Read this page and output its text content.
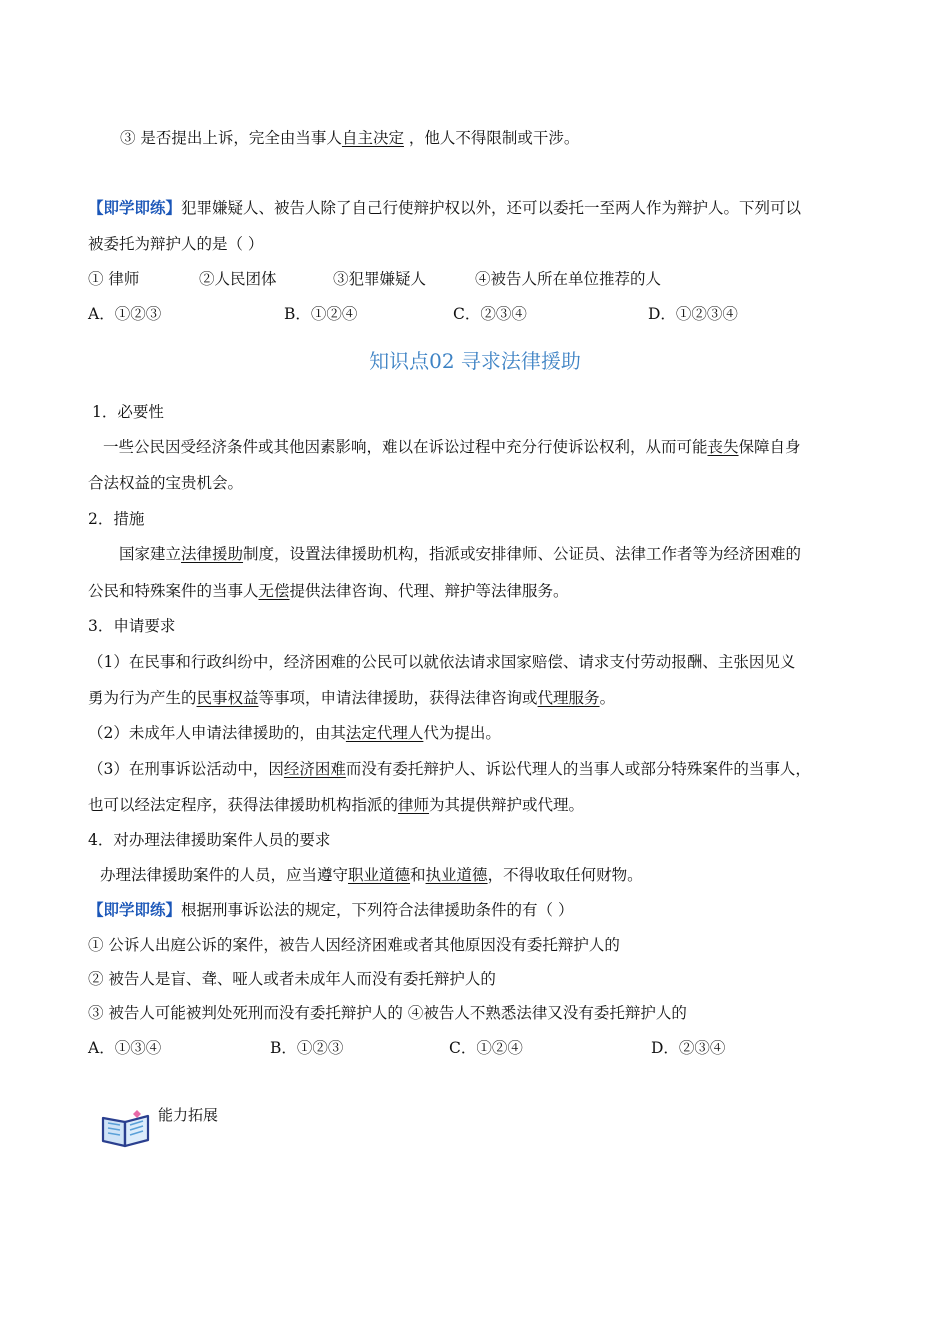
③ 是否提出上诉，完全由当事人自主决定 ，他人不得限制或干涉。
【即学即练】犯罪嫌疑人、被告人除了自己行使辩护权以外，还可以委托一至两人作为辩护人。下列可以
被委托为辩护人的是（ ）
① 律师	②人民团体	③犯罪嫌疑人	④被告人所在单位推荐的人
A．①②③	B．①②④	C．②③④	D．①②③④
知识点02 寻求法律援助
1．必要性
一些公民因受经济条件或其他因素影响，难以在诉讼过程中充分行使诉讼权利，从而可能丧失保障自身
合法权益的宝贵机会。
2．措施
国家建立法律援助制度，设置法律援助机构，指派或安排律师、公证员、法律工作者等为经济困难的
公民和特殊案件的当事人无偿提供法律咨询、代理、辩护等法律服务。
3．申请要求
（1）在民事和行政纠纷中，经济困难的公民可以就依法请求国家赔偿、请求支付劳动报酬、主张因见义
勇为行为产生的民事权益等事项，申请法律援助，获得法律咨询或代理服务。
（2）未成年人申请法律援助的，由其法定代理人代为提出。
（3）在刑事诉讼活动中，因经济困难而没有委托辩护人、诉讼代理人的当事人或部分特殊案件的当事人，
也可以经法定程序，获得法律援助机构指派的律师为其提供辩护或代理。
4．对办理法律援助案件人员的要求
办理法律援助案件的人员，应当遵守职业道德和执业道德，不得收取任何财物。
【即学即练】根据刑事诉讼法的规定，下列符合法律援助条件的有（ ）
① 公诉人出庭公诉的案件，被告人因经济困难或者其他原因没有委托辩护人的
② 被告人是盲、聋、哑人或者未成年人而没有委托辩护人的
③ 被告人可能被判处死刑而没有委托辩护人的 ④被告人不熟悉法律又没有委托辩护人的
A．①③④	B．①②③	C．①②④	D．②③④
能力拓展
